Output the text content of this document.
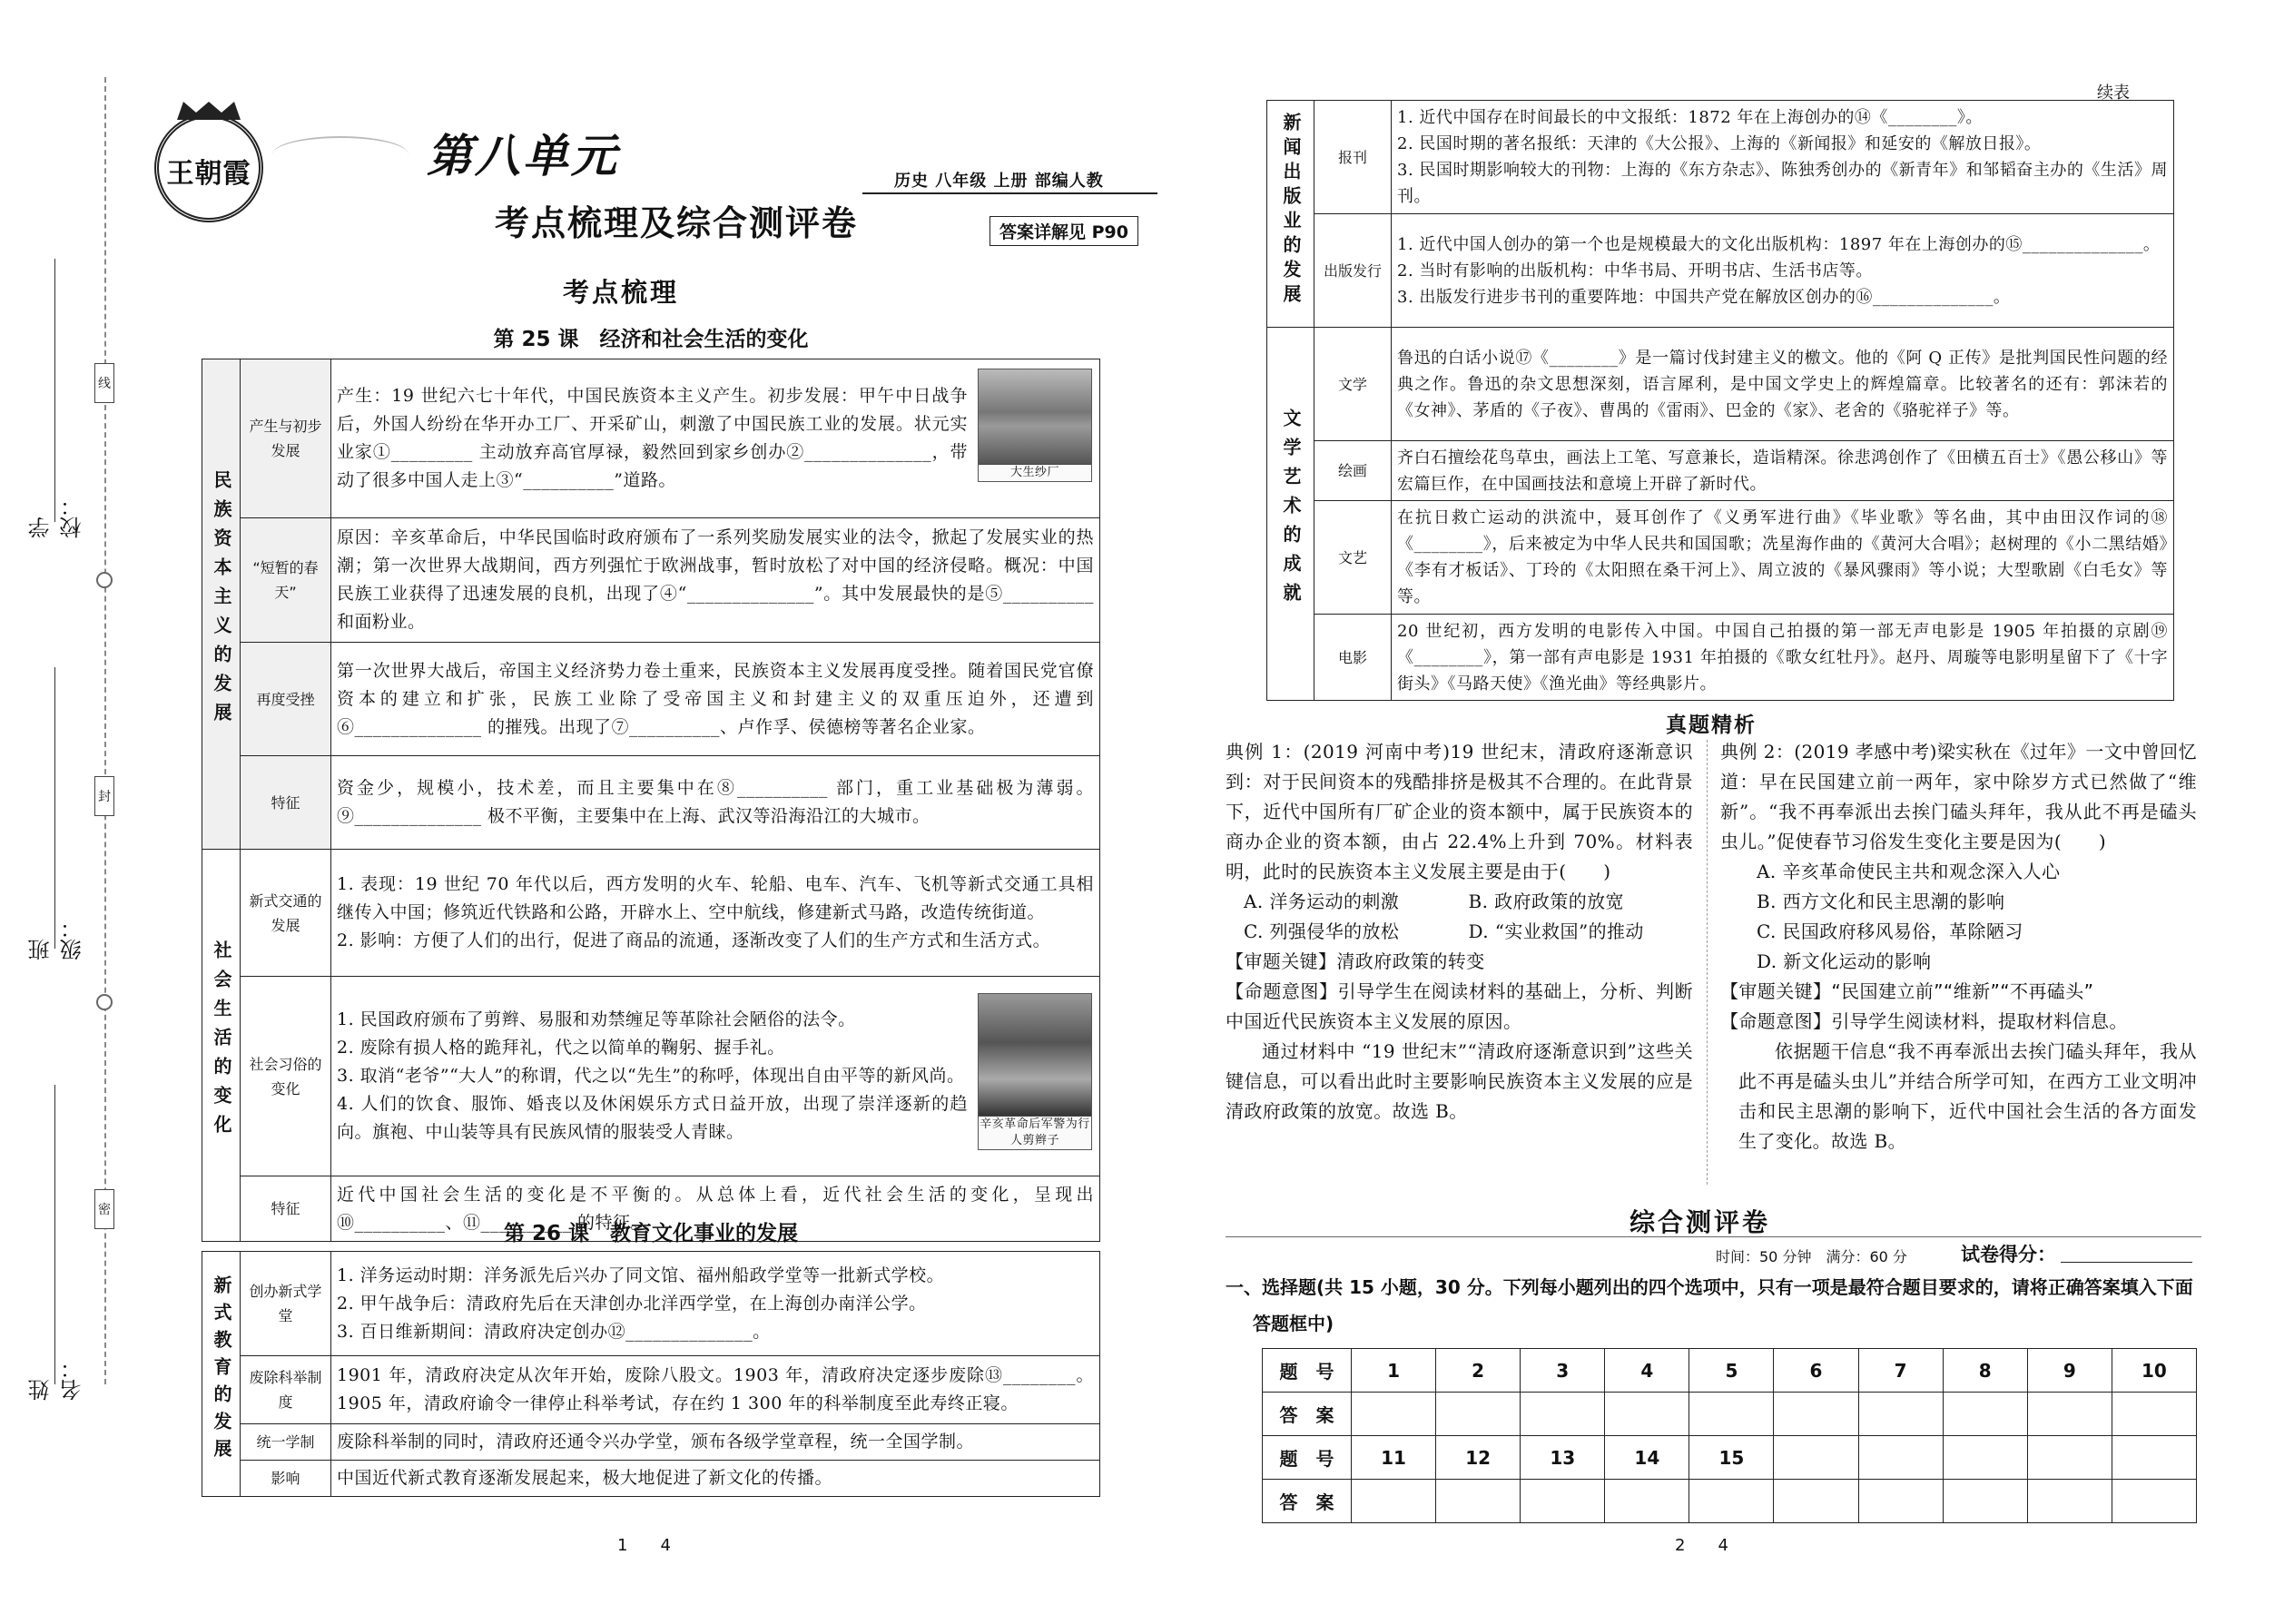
线
封
密
学校：
班级：
姓名：
王朝霞	第八单元
考点梳理及综合测评卷
历史 八年级 上册 部编人教
答案详解见 P90
考点梳理
第 25 课　经济和社会生活的变化
民族资本主义的发展	产生与初步发展	产生：19 世纪六七十年代，中国民族资本主义产生。初步发展：甲午中日战争后，外国人纷纷在华开办工厂、开采矿山，刺激了中国民族工业的发展。状元实业家①_________ 主动放弃高官厚禄，毅然回到家乡创办②______________，带动了很多中国人走上③“__________”道路。 大生纱厂

	“短暂的春天”	原因：辛亥革命后，中华民国临时政府颁布了一系列奖励发展实业的法令，掀起了发展实业的热潮；第一次世界大战期间，西方列强忙于欧洲战事，暂时放松了对中国的经济侵略。概况：中国民族工业获得了迅速发展的良机，出现了④“______________”。其中发展最快的是⑤__________ 和面粉业。
	再度受挫	第一次世界大战后，帝国主义经济势力卷土重来，民族资本主义发展再度受挫。随着国民党官僚资本的建立和扩张，民族工业除了受帝国主义和封建主义的双重压迫外，还遭到⑥______________ 的摧残。出现了⑦__________、卢作孚、侯德榜等著名企业家。
	特征	资金少，规模小，技术差，而且主要集中在⑧__________ 部门，重工业基础极为薄弱。⑨______________ 极不平衡，主要集中在上海、武汉等沿海沿江的大城市。
社会生活的变化	新式交通的发展	1. 表现：19 世纪 70 年代以后，西方发明的火车、轮船、电车、汽车、飞机等新式交通工具相继传入中国；修筑近代铁路和公路，开辟水上、空中航线，修建新式马路，改造传统街道。
2. 影响：方便了人们的出行，促进了商品的流通，逐渐改变了人们的生产方式和生活方式。
	社会习俗的变化	1. 民国政府颁布了剪辫、易服和劝禁缠足等革除社会陋俗的法令。
2. 废除有损人格的跪拜礼，代之以简单的鞠躬、握手礼。
3. 取消“老爷”“大人”的称谓，代之以“先生”的称呼，体现出自由平等的新风尚。
4. 人们的饮食、服饰、婚丧以及休闲娱乐方式日益开放，出现了崇洋逐新的趋向。旗袍、中山装等具有民族风情的服装受人青睐。 辛亥革命后军警为行人剪辫子

	特征	近代中国社会生活的变化是不平衡的。从总体上看，近代社会生活的变化，呈现出⑩__________、⑪__________ 的特征。
第 26 课　教育文化事业的发展
新式教育的发展	创办新式学堂	1. 洋务运动时期：洋务派先后兴办了同文馆、福州船政学堂等一批新式学校。
2. 甲午战争后：清政府先后在天津创办北洋西学堂，在上海创办南洋公学。
3. 百日维新期间：清政府决定创办⑫______________。
	废除科举制度	1901 年，清政府决定从次年开始，废除八股文。1903 年，清政府决定逐步废除⑬________。1905 年，清政府谕令一律停止科举考试，存在约 1 300 年的科举制度至此寿终正寝。
	统一学制	废除科举制的同时，清政府还通令兴办学堂，颁布各级学堂章程，统一全国学制。
	影响	中国近代新式教育逐渐发展起来，极大地促进了新文化的传播。
1　　4
续表
新闻出版业的发展	报刊	1. 近代中国存在时间最长的中文报纸：1872 年在上海创办的⑭《________》。
2. 民国时期的著名报纸：天津的《大公报》、上海的《新闻报》和延安的《解放日报》。
3. 民国时期影响较大的刊物：上海的《东方杂志》、陈独秀创办的《新青年》和邹韬奋主办的《生活》周刊。
	出版发行	1. 近代中国人创办的第一个也是规模最大的文化出版机构：1897 年在上海创办的⑮______________。
2. 当时有影响的出版机构：中华书局、开明书店、生活书店等。
3. 出版发行进步书刊的重要阵地：中国共产党在解放区创办的⑯______________。
文学艺术的成就	文学	鲁迅的白话小说⑰《________》是一篇讨伐封建主义的檄文。他的《阿 Q 正传》是批判国民性问题的经典之作。鲁迅的杂文思想深刻，语言犀利，是中国文学史上的辉煌篇章。比较著名的还有：郭沫若的《女神》、茅盾的《子夜》、曹禺的《雷雨》、巴金的《家》、老舍的《骆驼祥子》等。
	绘画	齐白石擅绘花鸟草虫，画法上工笔、写意兼长，造诣精深。徐悲鸿创作了《田横五百士》《愚公移山》等宏篇巨作，在中国画技法和意境上开辟了新时代。
	文艺	在抗日救亡运动的洪流中，聂耳创作了《义勇军进行曲》《毕业歌》等名曲，其中由田汉作词的⑱《________》，后来被定为中华人民共和国国歌；冼星海作曲的《黄河大合唱》；赵树理的《小二黑结婚》《李有才板话》、丁玲的《太阳照在桑干河上》、周立波的《暴风骤雨》等小说；大型歌剧《白毛女》等等。
	电影	20 世纪初，西方发明的电影传入中国。中国自己拍摄的第一部无声电影是 1905 年拍摄的京剧⑲《________》，第一部有声电影是 1931 年拍摄的《歌女红牡丹》。赵丹、周璇等电影明星留下了《十字街头》《马路天使》《渔光曲》等经典影片。
真题精析

典例 1：(2019 河南中考)19 世纪末，清政府逐渐意识到：对于民间资本的残酷排挤是极其不合理的。在此背景下，近代中国所有厂矿企业的资本额中，属于民族资本的商办企业的资本额，由占 22.4%上升到 70%。材料表明，此时的民族资本主义发展主要是由于(　　)

A. 洋务运动的刺激	B. 政府政策的放宽
C. 列强侵华的放松	D. “实业救国”的推动

【审题关键】清政府政策的转变

【命题意图】引导学生在阅读材料的基础上，分析、判断中国近代民族资本主义发展的原因。

通过材料中 “19 世纪末”“清政府逐渐意识到”这些关键信息，可以看出此时主要影响民族资本主义发展的应是清政府政策的放宽。故选 B。

典例 2：(2019 孝感中考)梁实秋在《过年》一文中曾回忆道：早在民国建立前一两年，家中除岁方式已然做了“维新”。“我不再奉派出去挨门磕头拜年，我从此不再是磕头虫儿。”促使春节习俗发生变化主要是因为(　　)

A. 辛亥革命使民主共和观念深入人心

B. 西方文化和民主思潮的影响

C. 民国政府移风易俗，革除陋习

D. 新文化运动的影响

【审题关键】“民国建立前”“维新”“不再磕头”

【命题意图】引导学生阅读材料，提取材料信息。

依据题干信息“我不再奉派出去挨门磕头拜年，我从此不再是磕头虫儿”并结合所学可知，在西方工业文明冲击和民主思潮的影响下，近代中国社会生活的各方面发生了变化。故选 B。

综合测评卷
时间：50 分钟　满分：60 分	试卷得分：
一、选择题(共 15 小题，30 分。下列每小题列出的四个选项中，只有一项是最符合题目要求的，请将正确答案填入下面答题框中)
题　号	1	2	3	4	5	6	7	8	9	10
答　案										
题　号	11	12	13	14	15					
答　案										
2　　4
